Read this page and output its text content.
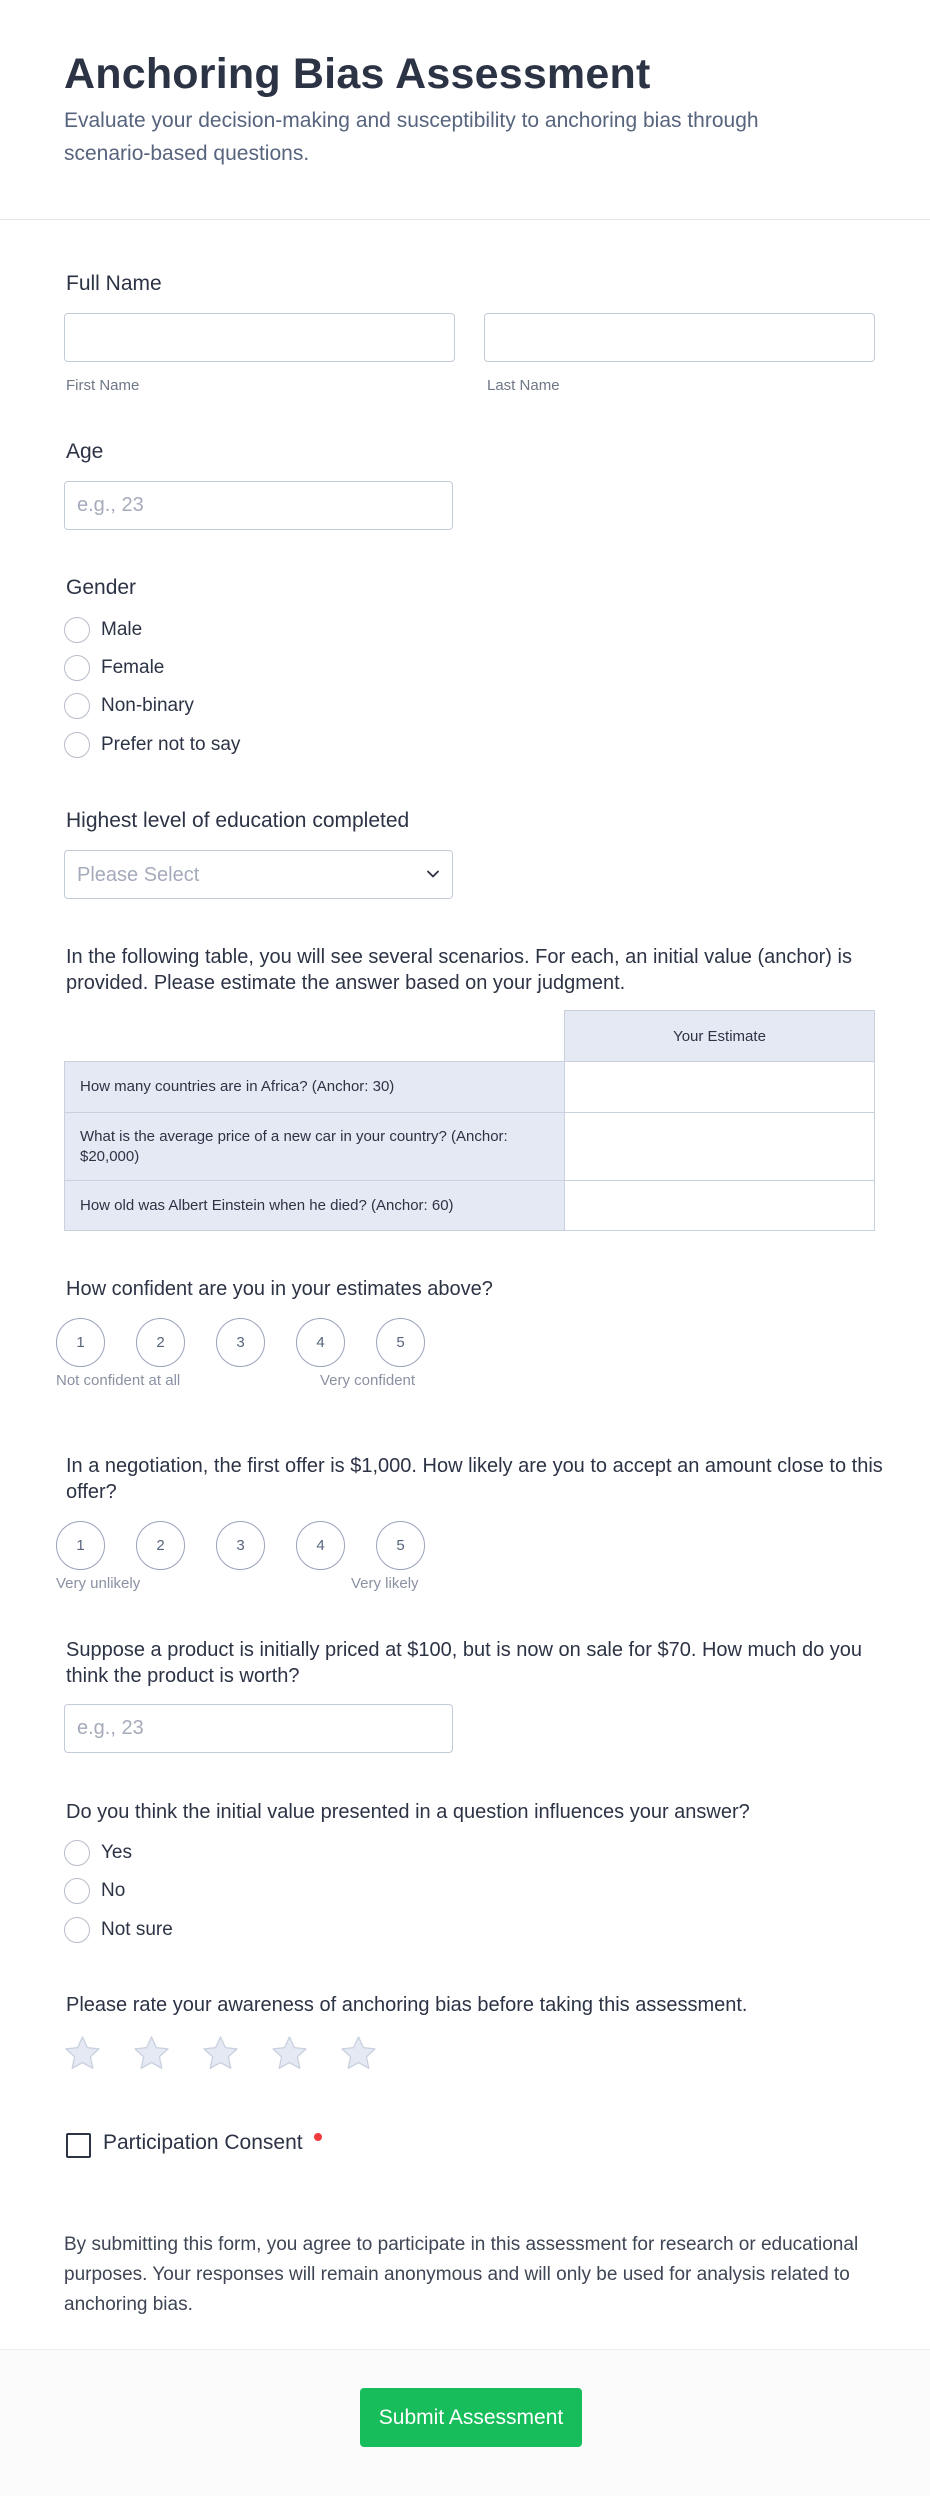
Anchoring Bias Assessment

Evaluate your decision-making and susceptibility to anchoring bias through scenario-based questions.

Full Name
First Name	Last Name
Age
e.g., 23
Gender
Male
Female
Non-binary
Prefer not to say
Highest level of education completed
Please Select
In the following table, you will see several scenarios. For each, an initial value (anchor) is provided. Please estimate the answer based on your judgment.
Your Estimate
How many countries are in Africa? (Anchor: 30)
What is the average price of a new car in your country? (Anchor: $20,000)
How old was Albert Einstein when he died? (Anchor: 60)
How confident are you in your estimates above?
1	2	3	4	5
Not confident at all	Very confident
In a negotiation, the first offer is $1,000. How likely are you to accept an amount close to this offer?
1	2	3	4	5
Very unlikely	Very likely
Suppose a product is initially priced at $100, but is now on sale for $70. How much do you think the product is worth?
e.g., 23
Do you think the initial value presented in a question influences your answer?
Yes
No
Not sure
Please rate your awareness of anchoring bias before taking this assessment.
Participation Consent

By submitting this form, you agree to participate in this assessment for research or educational purposes. Your responses will remain anonymous and will only be used for analysis related to anchoring bias.

Submit Assessment
